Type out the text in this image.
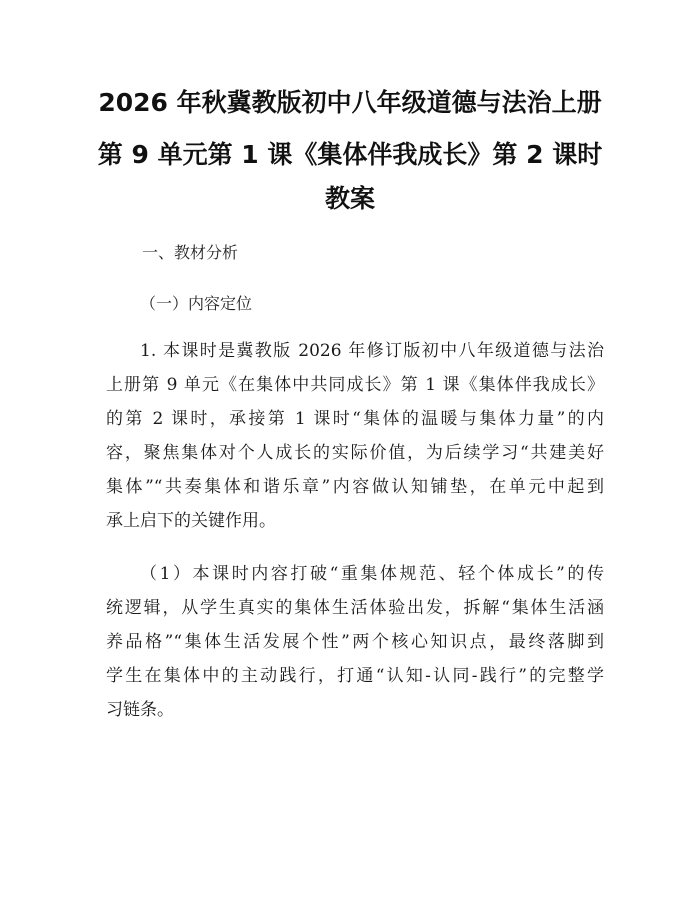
2026 年秋冀教版初中八年级道德与法治上册
第 9 单元第 1 课《集体伴我成长》第 2 课时
教案

一、教材分析

（一）内容定位

1. 本课时是冀教版 2026 年修订版初中八年级道德与法治
上册第 9 单元《在集体中共同成长》第 1 课《集体伴我成长》
的第 2 课时，承接第 1 课时“集体的温暖与集体力量”的内
容，聚焦集体对个人成长的实际价值，为后续学习“共建美好
集体”“共奏集体和谐乐章”内容做认知铺垫，在单元中起到
承上启下的关键作用。
（1）本课时内容打破“重集体规范、轻个体成长”的传
统逻辑，从学生真实的集体生活体验出发，拆解“集体生活涵
养品格”“集体生活发展个性”两个核心知识点，最终落脚到
学生在集体中的主动践行，打通“认知-认同-践行”的完整学
习链条。
